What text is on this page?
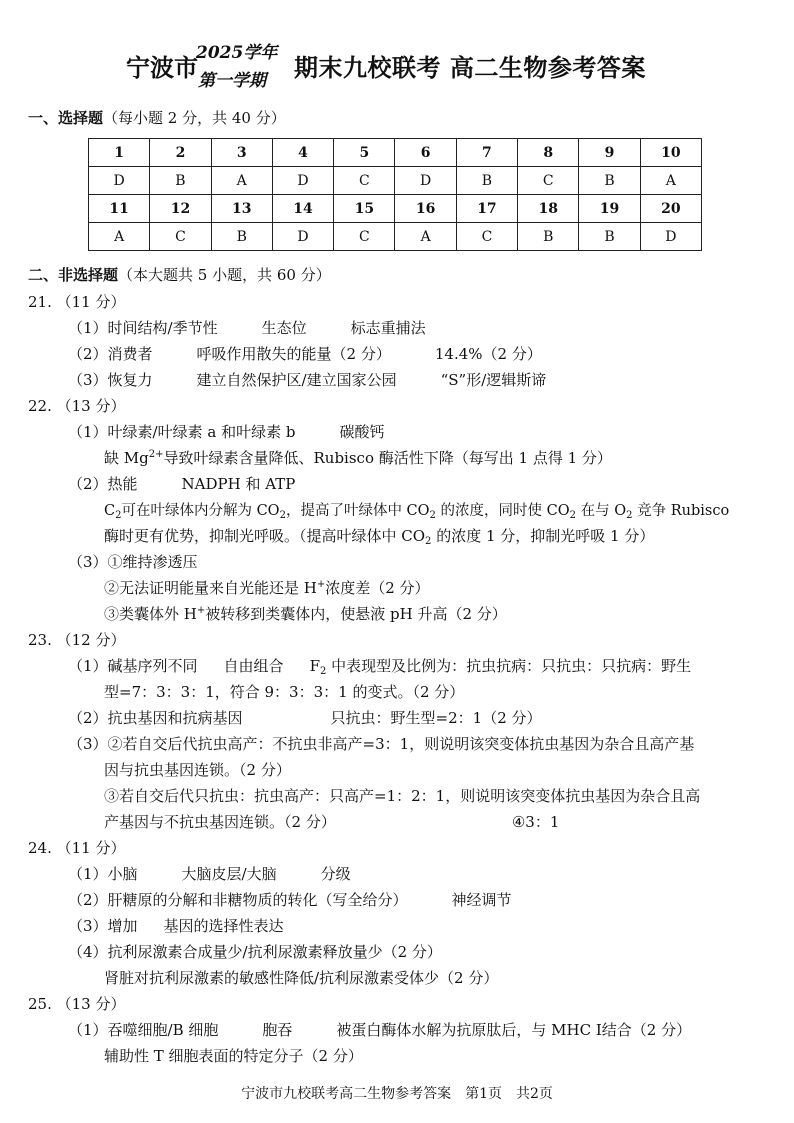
宁波市
2025学年
第一学期 期末九校联考 高二生物参考答案
一、选择题（每小题 2 分，共 40 分）
1	2	3	4	5	6	7	8	9	10
D	B	A	D	C	D	B	C	B	A
11	12	13	14	15	16	17	18	19	20
A	C	B	D	C	A	C	B	B	D
二、非选择题（本大题共 5 小题，共 60 分）
21. （11 分）
（1）时间结构/季节性	生态位	标志重捕法
（2）消费者	呼吸作用散失的能量（2 分）	14.4%（2 分）
（3）恢复力	建立自然保护区/建立国家公园	“S”形/逻辑斯谛
22. （13 分）
（1）叶绿素/叶绿素 a 和叶绿素 b	碳酸钙
缺 $Mg^{2+}$导致叶绿素含量降低、Rubisco 酶活性下降（每写出 1 点得 1 分）
（2）热能	NADPH 和 ATP
$C_2$可在叶绿体内分解为 $CO_2$，提高了叶绿体中 $CO_2$ 的浓度，同时使 $CO_2$ 在与 $O_2$ 竞争 Rubisco
酶时更有优势，抑制光呼吸。（提高叶绿体中 $CO_2$ 的浓度 1 分，抑制光呼吸 1 分）
（3）①维持渗透压
②无法证明能量来自光能还是 H+浓度差（2 分）
③类囊体外 H+被转移到类囊体内，使悬液 pH 升高（2 分）
23. （12 分）
（1）碱基序列不同 自由组合 $F_2$ 中表现型及比例为：抗虫抗病：只抗虫：只抗病：野生
型=7：3：3：1，符合 9：3：3：1 的变式。（2 分）
（2）抗虫基因和抗病基因	只抗虫：野生型=2：1（2 分）
（3）②若自交后代抗虫高产：不抗虫非高产=3：1，则说明该突变体抗虫基因为杂合且高产基
因与抗虫基因连锁。（2 分）
③若自交后代只抗虫：抗虫高产：只高产=1：2：1，则说明该突变体抗虫基因为杂合且高
产基因与不抗虫基因连锁。（2 分）	④3：1
24. （11 分）
（1）小脑	大脑皮层/大脑	分级
（2）肝糖原的分解和非糖物质的转化（写全给分）	神经调节
（3）增加 基因的选择性表达
（4）抗利尿激素合成量少/抗利尿激素释放量少（2 分）
肾脏对抗利尿激素的敏感性降低/抗利尿激素受体少（2 分）
25. （13 分）
（1）吞噬细胞/B 细胞	胞吞	被蛋白酶体水解为抗原肽后，与 MHC I结合（2 分）
辅助性 T 细胞表面的特定分子（2 分）
宁波市九校联考高二生物参考答案　第1页　共2页
